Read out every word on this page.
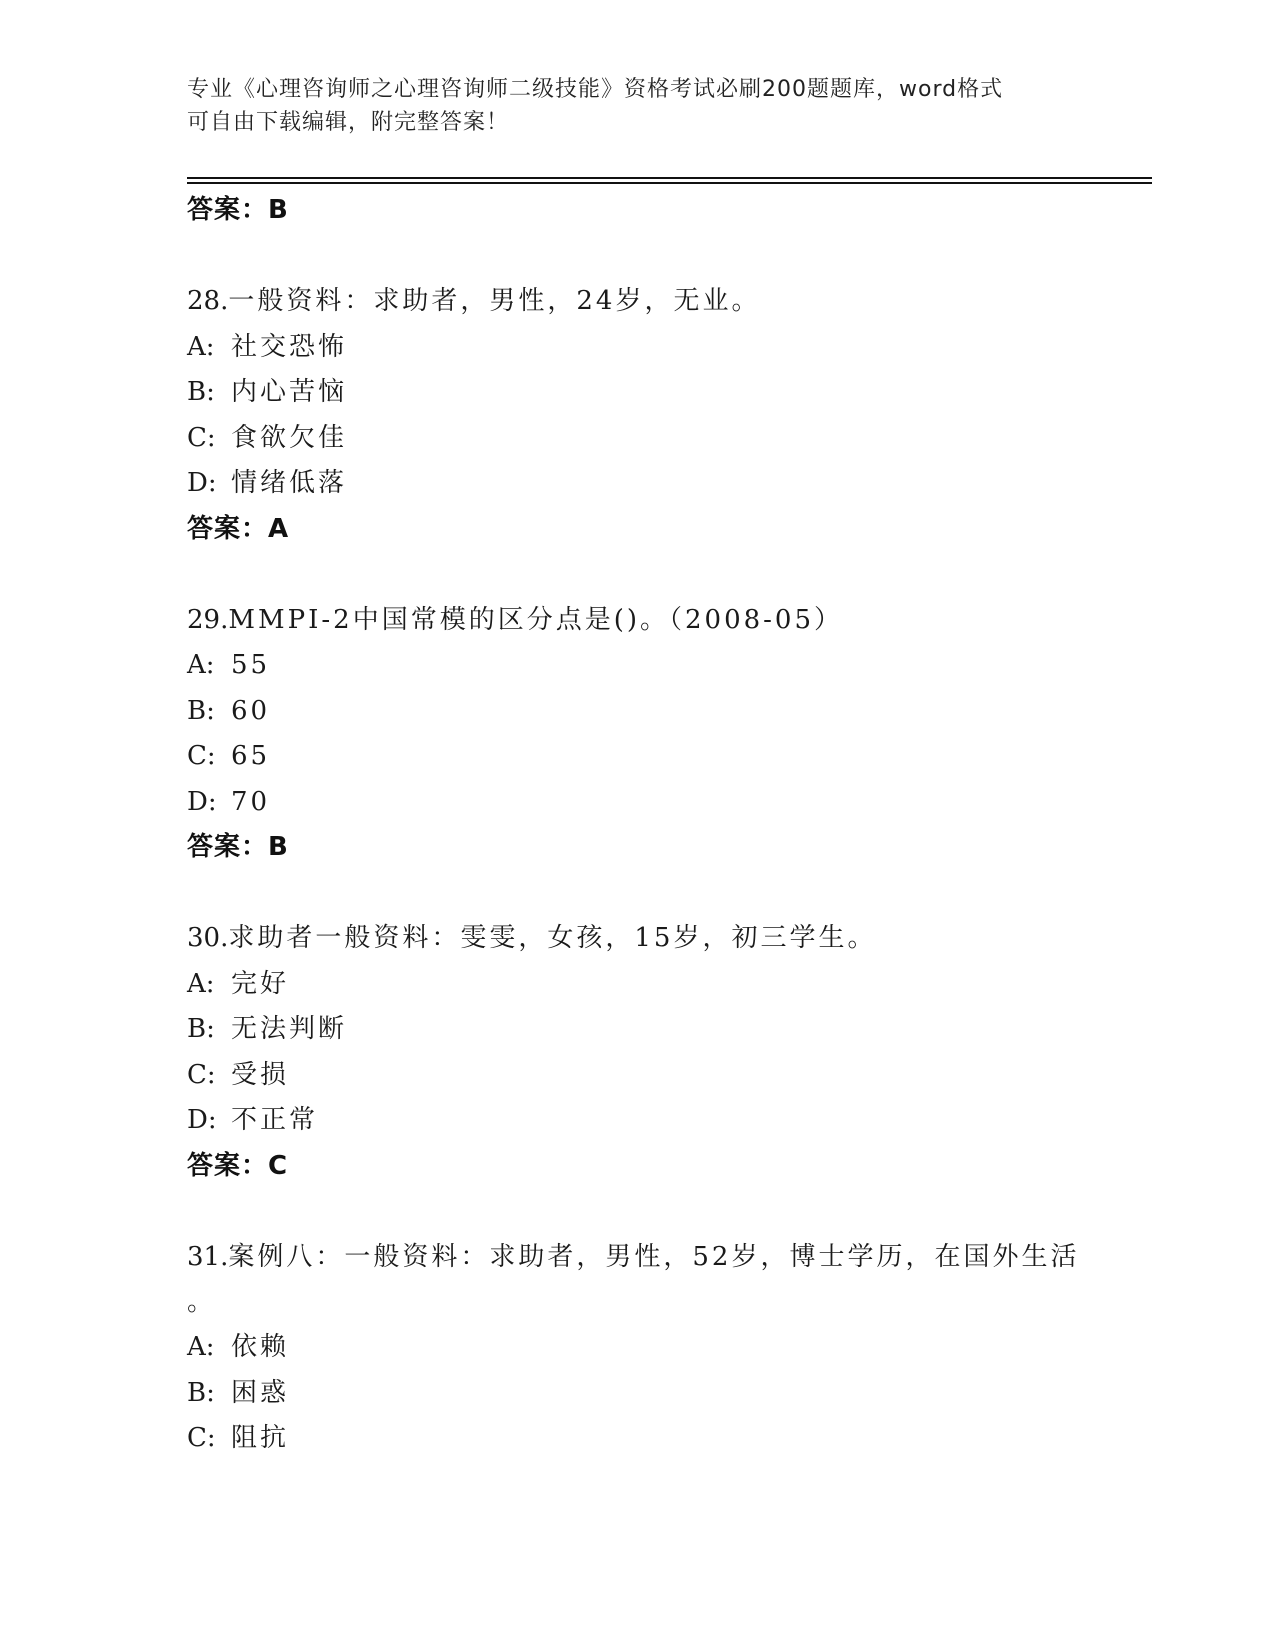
专业《心理咨询师之心理咨询师二级技能》资格考试必刷200题题库，word格式
可自由下载编辑，附完整答案！
答案：B
28.一般资料：求助者，男性，24岁，无业。
A: 社交恐怖
B: 内心苦恼
C: 食欲欠佳
D: 情绪低落
答案：A
29.MMPI-2中国常模的区分点是()。（2008-05）
A: 55
B: 60
C: 65
D: 70
答案：B
30.求助者一般资料：雯雯，女孩，15岁，初三学生。
A: 完好
B: 无法判断
C: 受损
D: 不正常
答案：C
31.案例八：一般资料：求助者，男性，52岁，博士学历，在国外生活
。
A: 依赖
B: 困惑
C: 阻抗
